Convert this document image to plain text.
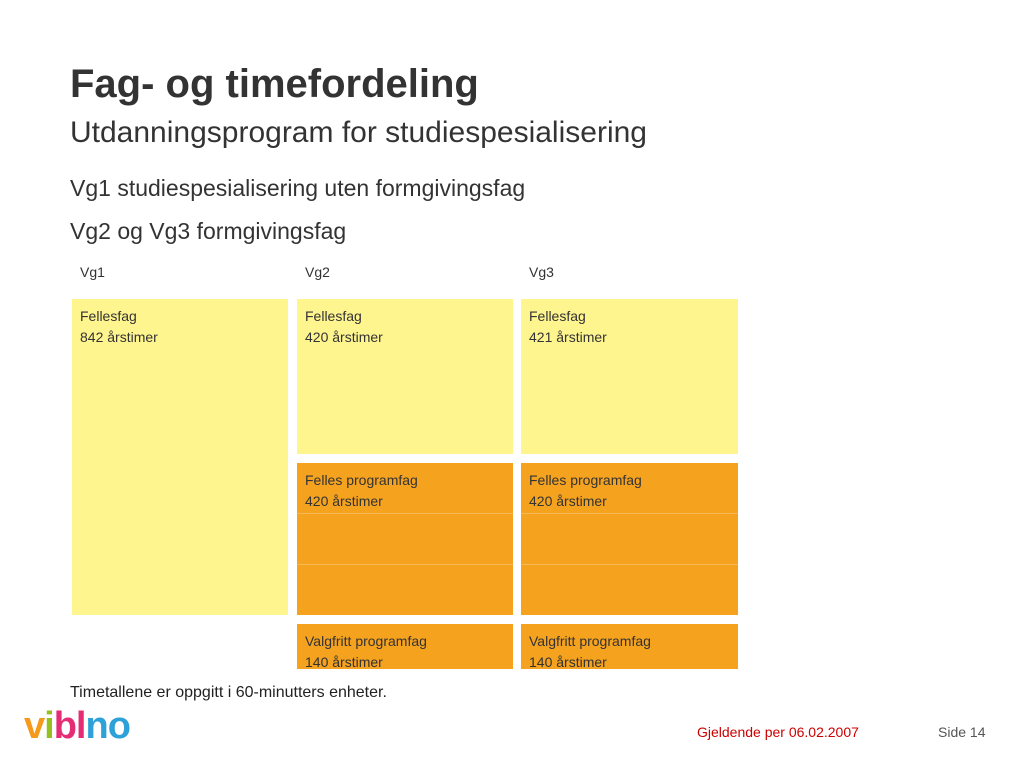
Fag- og timefordeling
Utdanningsprogram for studiespesialisering
Vg1 studiespesialisering uten formgivingsfag
Vg2 og Vg3 formgivingsfag
Vg1	Vg2	Vg3
Fellesfag
842 årstimer
Fellesfag
420 årstimer
Felles programfag
420 årstimer
Valgfritt programfag
140 årstimer
Fellesfag
421 årstimer
Felles programfag
420 årstimer
Valgfritt programfag
140 årstimer
Timetallene er oppgitt i 60-minutters enheter.
viblno	Gjeldende per 06.02.2007	Side 14
